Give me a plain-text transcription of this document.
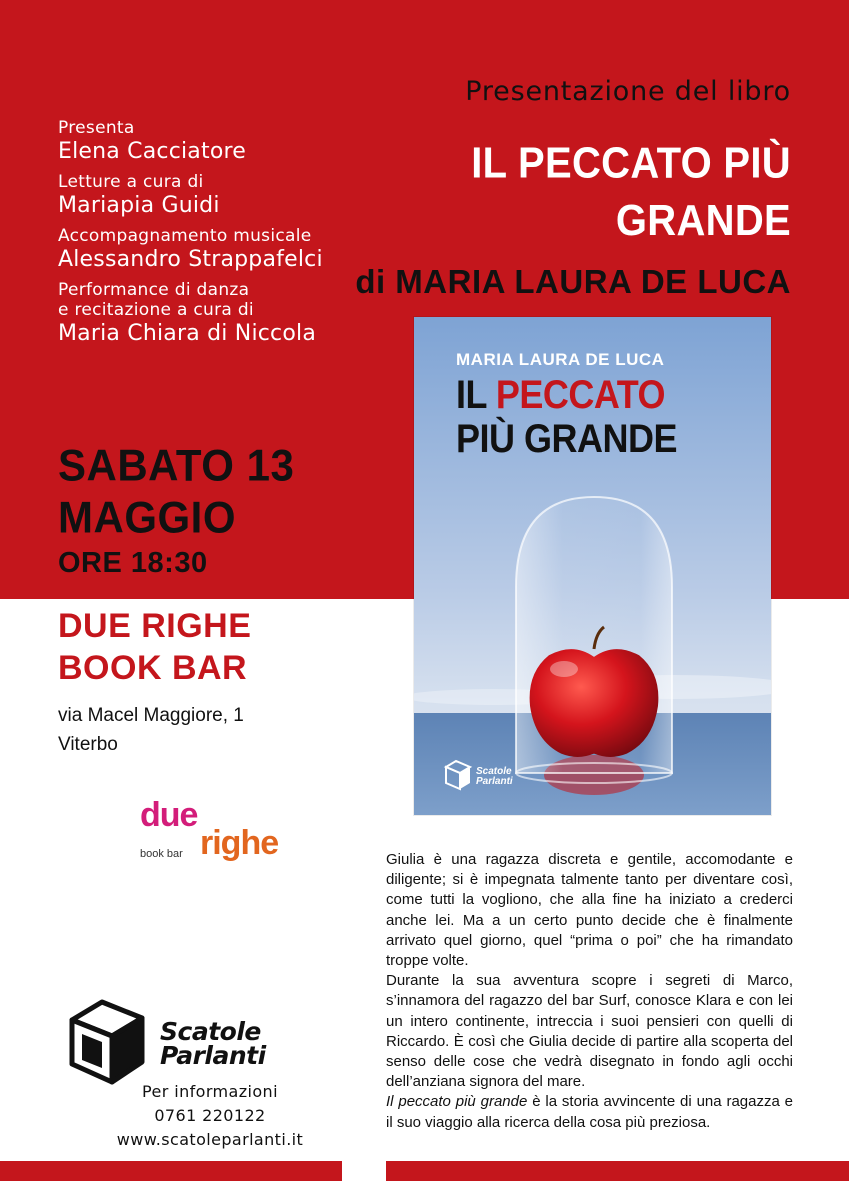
Presenta
Elena Cacciatore
Letture a cura di
Mariapia Guidi
Accompagnamento musicale
Alessandro Strappafelci
Performance di danza
e recitazione a cura di
Maria Chiara di Niccola
SABATO 13
MAGGIO
ORE 18:30
DUE RIGHE
BOOK BAR
via Macel Maggiore, 1
Viterbo
due
righe
book bar
Scatole
Parlanti
Per informazioni
0761 220122
www.scatoleparlanti.it
Presentazione del libro
IL PECCATO PIÙ GRANDE
di MARIA LAURA DE LUCA
MARIA LAURA DE LUCA
IL PECCATO
PIÙ GRANDE
Scatole
Parlanti

Giulia è una ragazza discreta e gentile, accomodante e diligente; si è impegnata talmente tanto per diventare così, come tutti la vogliono, che alla fine ha iniziato a crederci anche lei. Ma a un certo punto decide che è finalmente arrivato quel giorno, quel “prima o poi” che ha rimandato troppe volte.

Durante la sua avventura scopre i segreti di Marco, s’innamora del ragazzo del bar Surf, conosce Klara e con lei un intero continente, intreccia i suoi pensieri con quelli di Riccardo. È così che Giulia decide di partire alla scoperta del senso delle cose che vedrà disegnato in fondo agli occhi dell’anziana signora del mare.

Il peccato più grande è la storia avvincente di una ragazza e il suo viaggio alla ricerca della cosa più preziosa.
